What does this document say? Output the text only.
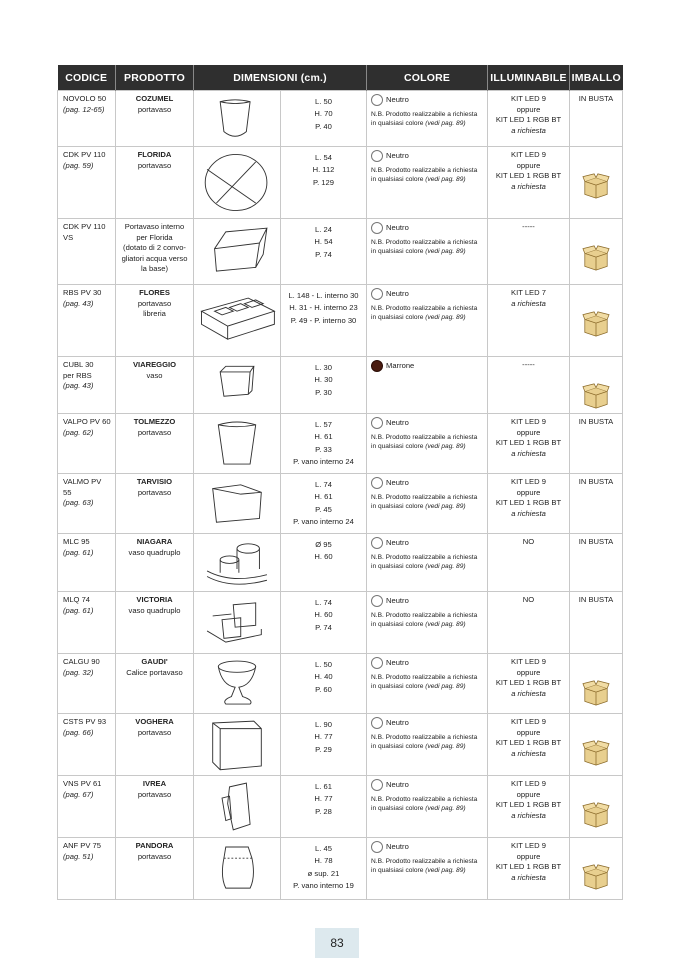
CODICE	PRODOTTO	DIMENSIONI (cm.)		COLORE	ILLUMINABILE	IMBALLO

NOVOLO 50
(pag. 12-65)	COZUMEL
portavaso		L. 50
H. 70
P. 40	Neutro
N.B. Prodotto realizzabile a richiesta in qualsiasi colore (vedi pag. 89)	KIT LED 9
oppure
KIT LED 1 RGB BT
a richiesta	IN BUSTA

CDK PV 110
(pag. 59)	FLORIDA
portavaso		L. 54
H. 112
P. 129	Neutro
N.B. Prodotto realizzabile a richiesta in qualsiasi colore (vedi pag. 89)	KIT LED 9
oppure
KIT LED 1 RGB BT
a richiesta

CDK PV 110 VS	Portavaso interno
per Florida
(dotato di 2 convo-
gliatori acqua verso
la base)		L. 24
H. 54
P. 74	Neutro
N.B. Prodotto realizzabile a richiesta in qualsiasi colore (vedi pag. 89)	-----

RBS PV 30
(pag. 43)	FLORES
portavaso
libreria		L. 148 - L. interno 30
H. 31 - H. interno 23
P. 49 - P. interno 30	Neutro
N.B. Prodotto realizzabile a richiesta in qualsiasi colore (vedi pag. 89)	KIT LED 7
a richiesta

CUBL 30
per RBS
(pag. 43)	VIAREGGIO
vaso		L. 30
H. 30
P. 30	Marrone	-----

VALPO PV 60
(pag. 62)	TOLMEZZO
portavaso		L. 57
H. 61
P. 33
P. vano interno 24	Neutro
N.B. Prodotto realizzabile a richiesta in qualsiasi colore (vedi pag. 89)	KIT LED 9
oppure
KIT LED 1 RGB BT
a richiesta	IN BUSTA

VALMO PV 55
(pag. 63)	TARVISIO
portavaso		L. 74
H. 61
P. 45
P. vano interno 24	Neutro
N.B. Prodotto realizzabile a richiesta in qualsiasi colore (vedi pag. 89)	KIT LED 9
oppure
KIT LED 1 RGB BT
a richiesta	IN BUSTA

MLC 95
(pag. 61)	NIAGARA
vaso quadruplo		Ø 95
H. 60	Neutro
N.B. Prodotto realizzabile a richiesta in qualsiasi colore (vedi pag. 89)	NO	IN BUSTA

MLQ 74
(pag. 61)	VICTORIA
vaso quadruplo		L. 74
H. 60
P. 74	Neutro
N.B. Prodotto realizzabile a richiesta in qualsiasi colore (vedi pag. 89)	NO	IN BUSTA

CALGU 90
(pag. 32)	GAUDI'
Calice portavaso		L. 50
H. 40
P. 60	Neutro
N.B. Prodotto realizzabile a richiesta in qualsiasi colore (vedi pag. 89)	KIT LED 9
oppure
KIT LED 1 RGB BT
a richiesta

CSTS PV 93
(pag. 66)	VOGHERA
portavaso		L. 90
H. 77
P. 29	Neutro
N.B. Prodotto realizzabile a richiesta in qualsiasi colore (vedi pag. 89)	KIT LED 9
oppure
KIT LED 1 RGB BT
a richiesta

VNS PV 61
(pag. 67)	IVREA
portavaso		L. 61
H. 77
P. 28	Neutro
N.B. Prodotto realizzabile a richiesta in qualsiasi colore (vedi pag. 89)	KIT LED 9
oppure
KIT LED 1 RGB BT
a richiesta

ANF PV 75
(pag. 51)	PANDORA
portavaso		L. 45
H. 78
ø sup. 21
P. vano interno 19	Neutro
N.B. Prodotto realizzabile a richiesta in qualsiasi colore (vedi pag. 89)	KIT LED 9
oppure
KIT LED 1 RGB BT
a richiesta

83
